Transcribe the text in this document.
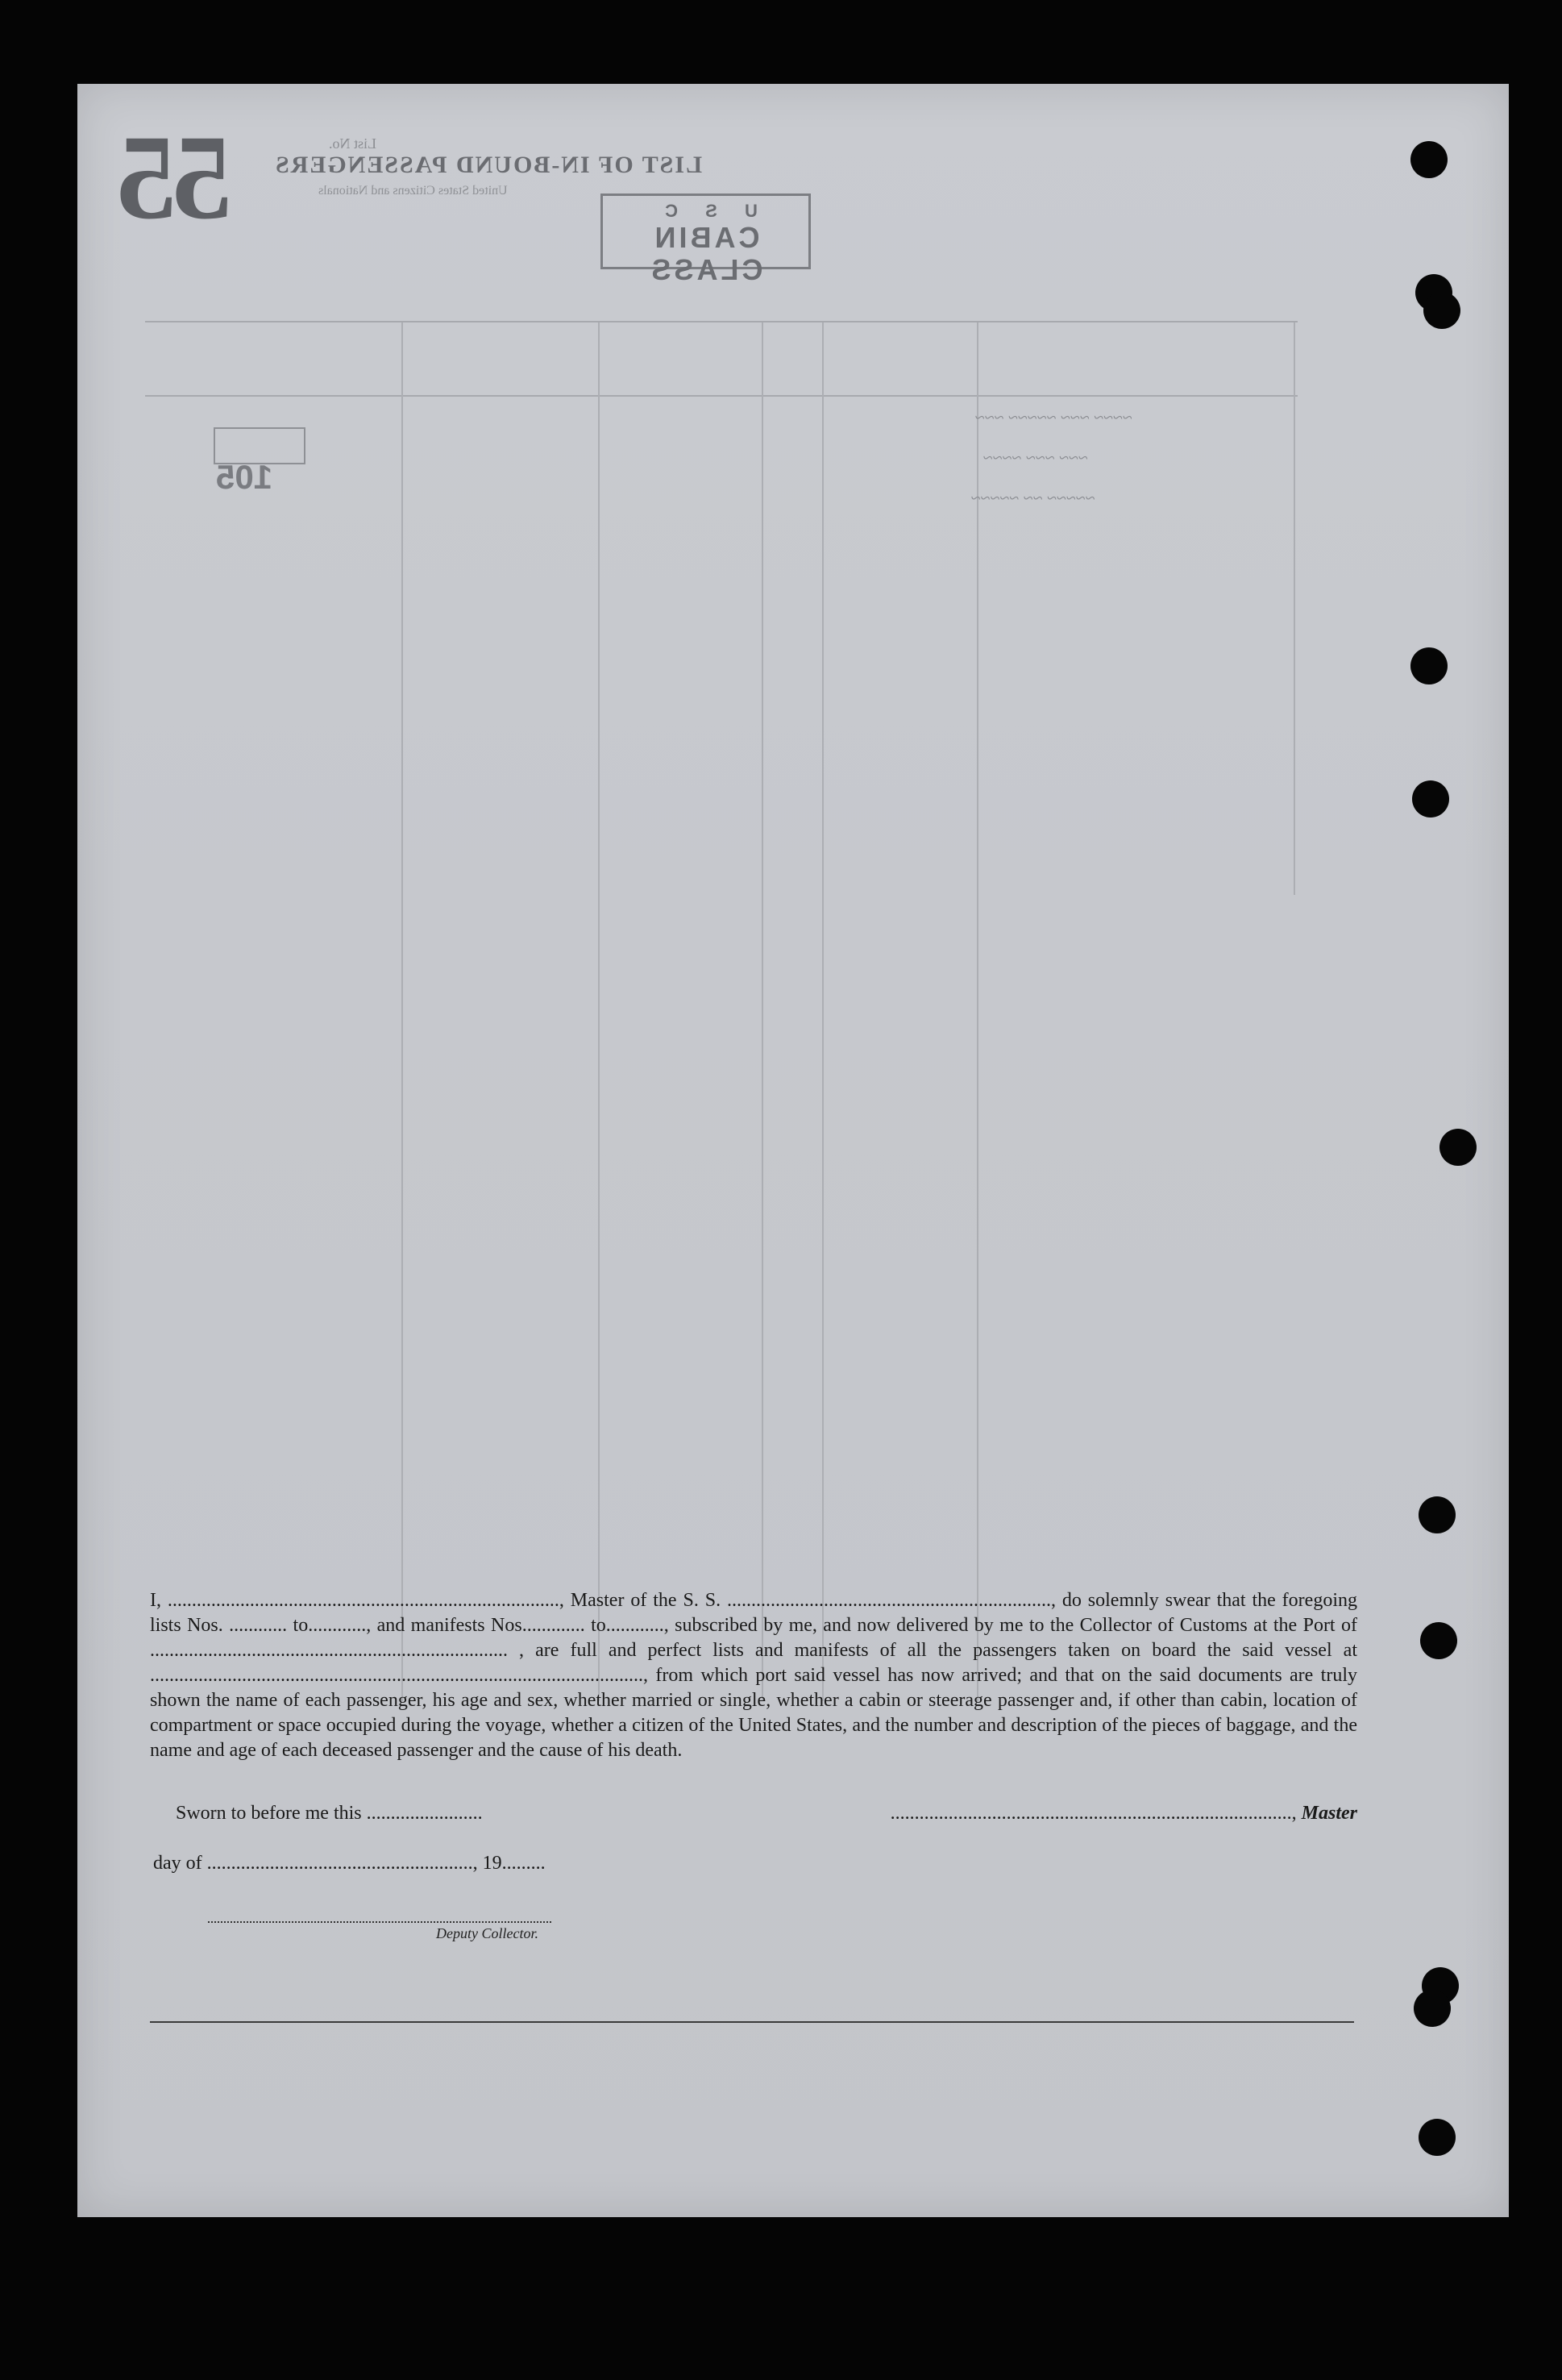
55	List No.
LIST OF IN-BOUND PASSENGERS
United States Citizens and Nationals
U S C
CABIN CLASS
105
~~~~ ~~~ ~~~~~ ~~~
~~~ ~~~ ~~~~
~~~~~ ~~ ~~~~~

I, ................................................................................., Master of the S. S. ..................................................................., do solemnly swear that the foregoing lists Nos. ............ to............, and manifests Nos............. to............, subscribed by me, and now delivered by me to the Collector of Customs at the Port of .......................................................................... , are full and perfect lists and manifests of all the passengers taken on board the said vessel at ......................................................................................................, from which port said vessel has now arrived; and that on the said documents are truly shown the name of each passenger, his age and sex, whether married or single, whether a cabin or steerage passenger and, if other than cabin, location of compartment or space occupied during the voyage, whether a citizen of the United States, and the number and description of the pieces of baggage, and the name and age of each deceased passenger and the cause of his death.

Sworn to before me this ........................	..................................................................................., Master
day of ......................................................., 19.........
Deputy Collector.
